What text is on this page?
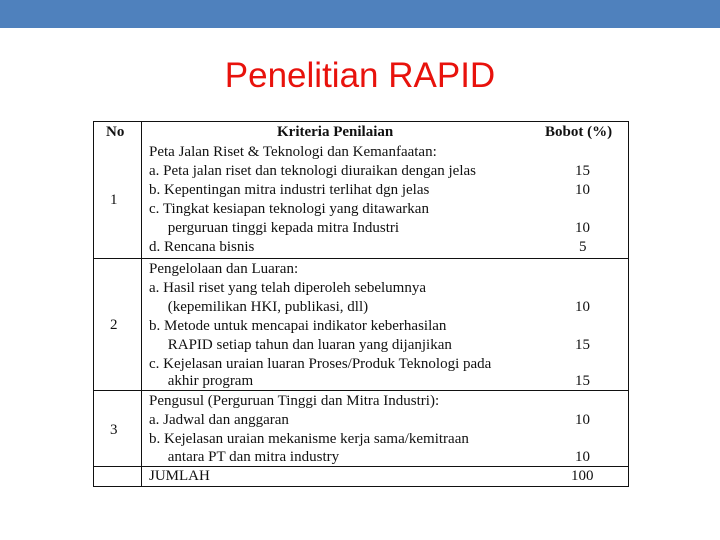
Penelitian RAPID
No	Kriteria Penilaian	Bobot (%)
1
Peta Jalan Riset & Teknologi dan Kemanfaatan:
a. Peta jalan riset dan teknologi diuraikan dengan jelas	15
b. Kepentingan mitra industri terlihat dgn jelas	10
c. Tingkat kesiapan teknologi yang ditawarkan
perguruan tinggi kepada mitra Industri	10
d. Rencana bisnis	5
2
Pengelolaan dan Luaran:
a. Hasil riset yang telah diperoleh sebelumnya
(kepemilikan HKI, publikasi, dll)	10
b. Metode untuk mencapai indikator keberhasilan
RAPID setiap tahun dan luaran yang dijanjikan	15
c. Kejelasan uraian luaran Proses/Produk Teknologi pada
akhir program	15
3
Pengusul (Perguruan Tinggi dan Mitra Industri):
a. Jadwal dan anggaran	10
b. Kejelasan uraian mekanisme kerja sama/kemitraan
antara PT dan mitra industry	10
JUMLAH	100
